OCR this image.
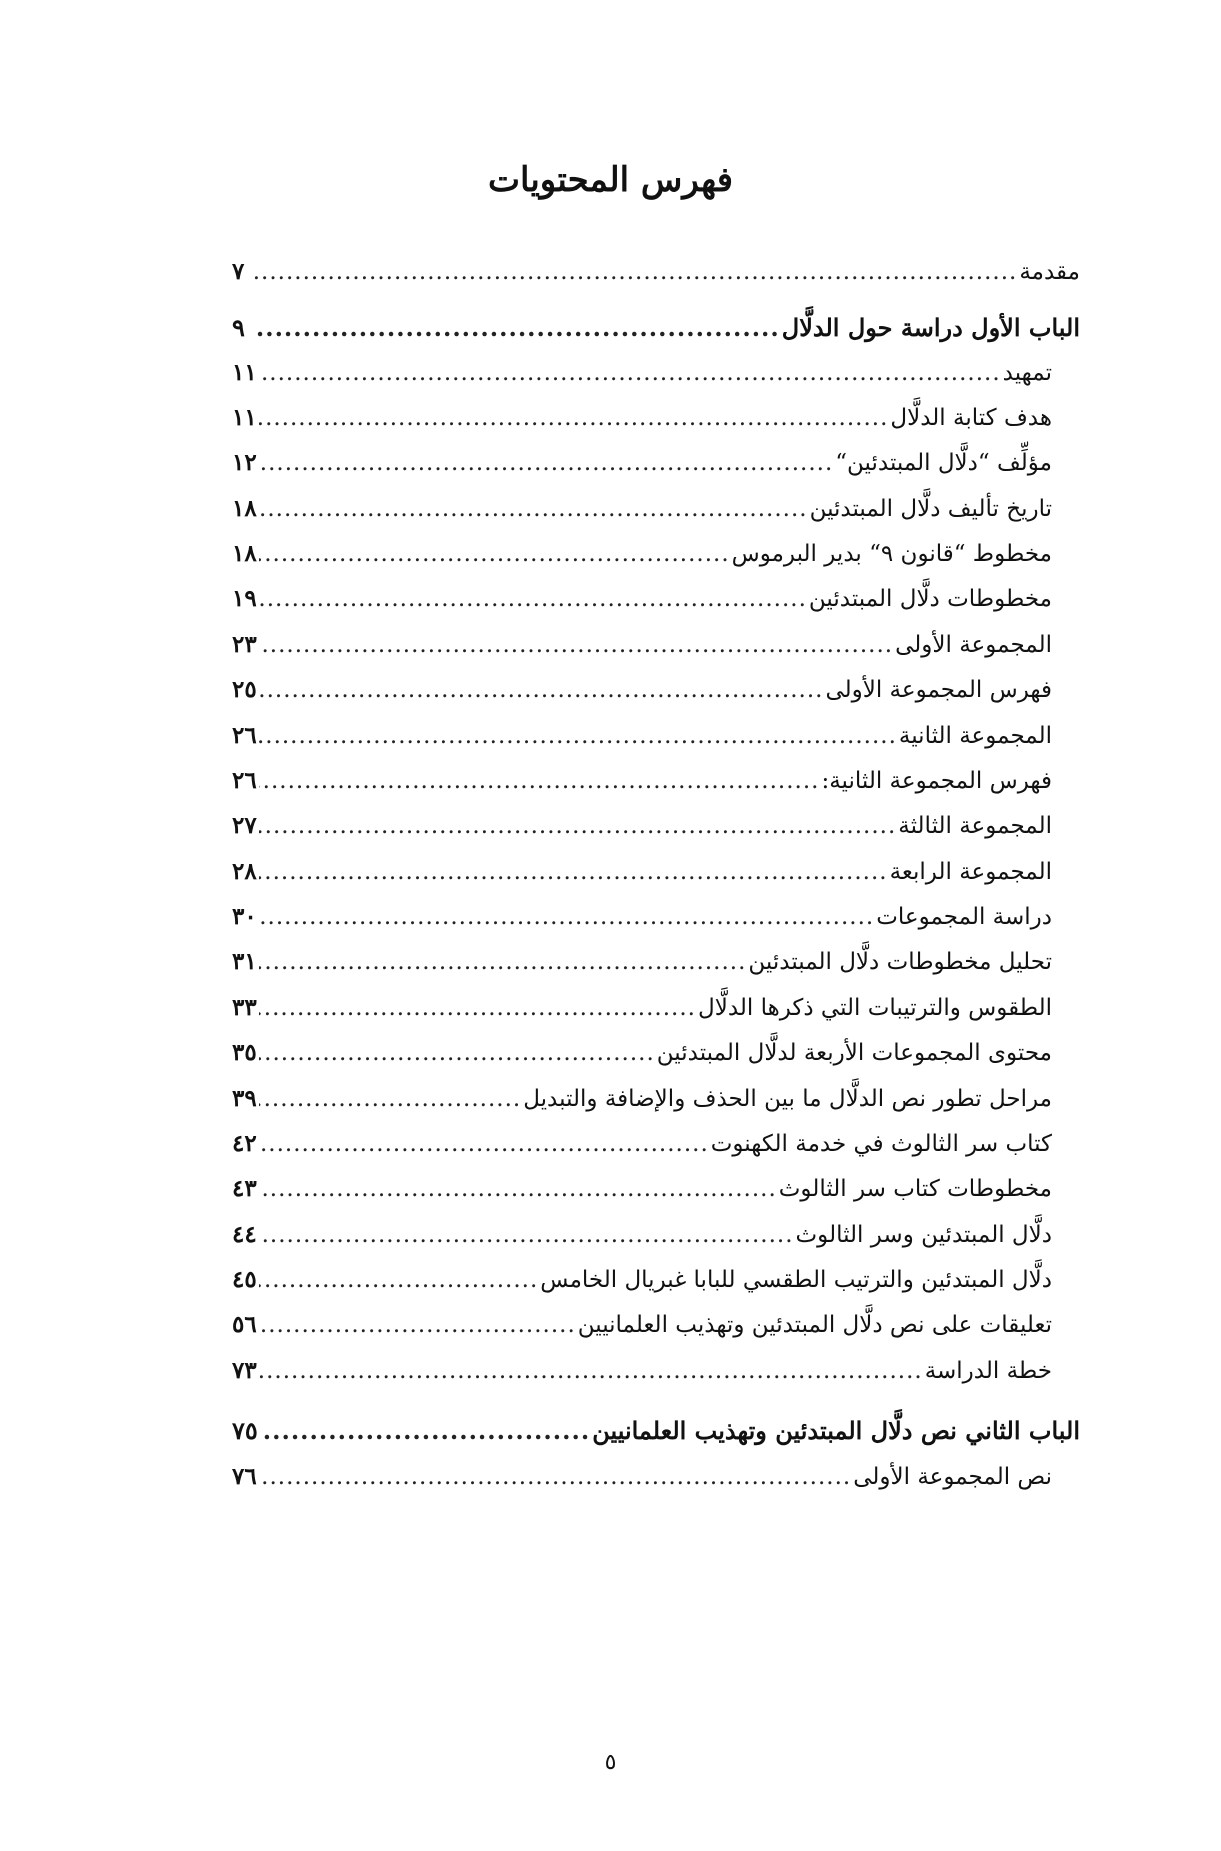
فهرس المحتويات
مقدمة
.....
٧
الباب الأول دراسة حول الدلَّال
.....
٩
تمهيد
.....
١١
هدف كتابة الدلَّال
.....
١١
مؤلِّف “دلَّال المبتدئين“
.....
١٢
تاريخ تأليف دلَّال المبتدئين
.....
١٨
مخطوط “قانون ٩“ بدير البرموس
.....
١٨
مخطوطات دلَّال المبتدئين
.....
١٩
المجموعة الأولى
.....
٢٣
فهرس المجموعة الأولى
.....
٢٥
المجموعة الثانية
.....
٢٦
فهرس المجموعة الثانية:
.....
٢٦
المجموعة الثالثة
.....
٢٧
المجموعة الرابعة
.....
٢٨
دراسة المجموعات
.....
٣٠
تحليل مخطوطات دلَّال المبتدئين
.....
٣١
الطقوس والترتيبات التي ذكرها الدلَّال
.....
٣٣
محتوى المجموعات الأربعة لدلَّال المبتدئين
.....
٣٥
مراحل تطور نص الدلَّال ما بين الحذف والإضافة والتبديل
.....
٣٩
كتاب سر الثالوث في خدمة الكهنوت
.....
٤٢
مخطوطات كتاب سر الثالوث
.....
٤٣
دلَّال المبتدئين وسر الثالوث
.....
٤٤
دلَّال المبتدئين والترتيب الطقسي للبابا غبريال الخامس
.....
٤٥
تعليقات على نص دلَّال المبتدئين وتهذيب العلمانيين
.....
٥٦
خطة الدراسة
.....
٧٣
الباب الثاني نص دلَّال المبتدئين وتهذيب العلمانيين
.....
٧٥
نص المجموعة الأولى
.....
٧٦
٥
